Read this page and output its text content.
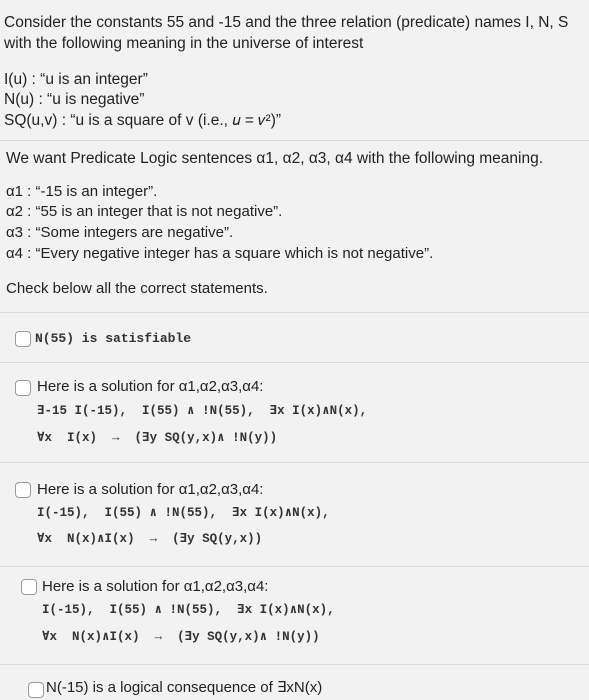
Consider the constants 55 and -15 and the three relation (predicate) names I, N, S
with the following meaning in the universe of interest
I(u) : “u is an integer”
N(u) : “u is negative”
SQ(u,v) : “u is a square of v (i.e., 𝑢 = 𝑣²)”
We want Predicate Logic sentences α1, α2, α3, α4 with the following meaning.
α1 : “-15 is an integer”.
α2 : “55 is an integer that is not negative”.
α3 : “Some integers are negative”.
α4 : “Every negative integer has a square which is not negative”.
Check below all the correct statements.
N(55) is satisfiable
Here is a solution for α1,α2,α3,α4:
∃-15 I(-15),  I(55) ∧ !N(55),  ∃x I(x)∧N(x),
∀x  I(x)  →  (∃y SQ(y,x)∧ !N(y))
Here is a solution for α1,α2,α3,α4:
I(-15),  I(55) ∧ !N(55),  ∃x I(x)∧N(x),
∀x  N(x)∧I(x)  →  (∃y SQ(y,x))
Here is a solution for α1,α2,α3,α4:
I(-15),  I(55) ∧ !N(55),  ∃x I(x)∧N(x),
∀x  N(x)∧I(x)  →  (∃y SQ(y,x)∧ !N(y))
N(-15) is a logical consequence of ∃xN(x)
